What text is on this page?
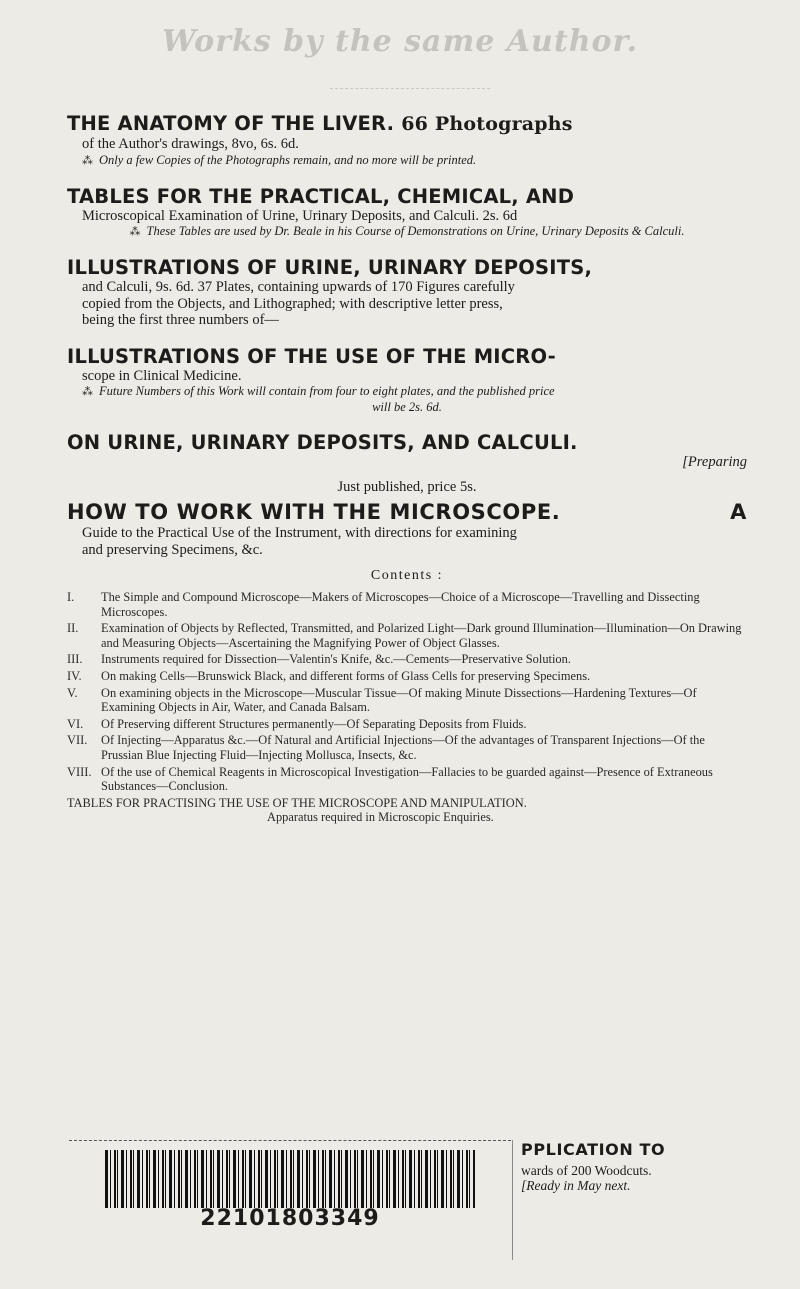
Works by the same Author.

THE ANATOMY OF THE LIVER. 66 Photographs

of the Author's drawings, 8vo, 6s. 6d.

⁂ Only a few Copies of the Photographs remain, and no more will be printed.

TABLES FOR THE PRACTICAL, CHEMICAL, AND

Microscopical Examination of Urine, Urinary Deposits, and Calculi. 2s. 6d

⁂ These Tables are used by Dr. Beale in his Course of Demonstrations on Urine, Urinary Deposits & Calculi.

ILLUSTRATIONS OF URINE, URINARY DEPOSITS,

and Calculi, 9s. 6d. 37 Plates, containing upwards of 170 Figures carefully

copied from the Objects, and Lithographed; with descriptive letter press,

being the first three numbers of—

ILLUSTRATIONS OF THE USE OF THE MICRO-

scope in Clinical Medicine.

⁂ Future Numbers of this Work will contain from four to eight plates, and the published price

will be 2s. 6d.

ON URINE, URINARY DEPOSITS, AND CALCULI.

[Preparing

Just published, price 5s.

HOW TO WORK WITH THE MICROSCOPE.	A

Guide to the Practical Use of the Instrument, with directions for examining

and preserving Specimens, &c.

Contents :

I. The Simple and Compound Microscope—Makers of Microscopes—Choice of a Microscope—Travelling and Dissecting Microscopes.
II. Examination of Objects by Reflected, Transmitted, and Polarized Light—Dark ground Illumination—Illumination—On Drawing and Measuring Objects—Ascertaining the Magnifying Power of Object Glasses.
III. Instruments required for Dissection—Valentin's Knife, &c.—Cements—Preservative Solution.
IV. On making Cells—Brunswick Black, and different forms of Glass Cells for preserving Specimens.
V. On examining objects in the Microscope—Muscular Tissue—Of making Minute Dissections—Hardening Textures—Of Examining Objects in Air, Water, and Canada Balsam.
VI. Of Preserving different Structures permanently—Of Separating Deposits from Fluids.
VII. Of Injecting—Apparatus &c.—Of Natural and Artificial Injections—Of the advantages of Transparent Injections—Of the Prussian Blue Injecting Fluid—Injecting Mollusca, Insects, &c.
VIII. Of the use of Chemical Reagents in Microscopical Investigation—Fallacies to be guarded against—Presence of Extraneous Substances—Conclusion.

TABLES FOR PRACTISING THE USE OF THE MICROSCOPE AND MANIPULATION.

Apparatus required in Microscopic Enquiries.

22101803349

PPLICATION TO

wards of 200 Woodcuts.

[Ready in May next.
